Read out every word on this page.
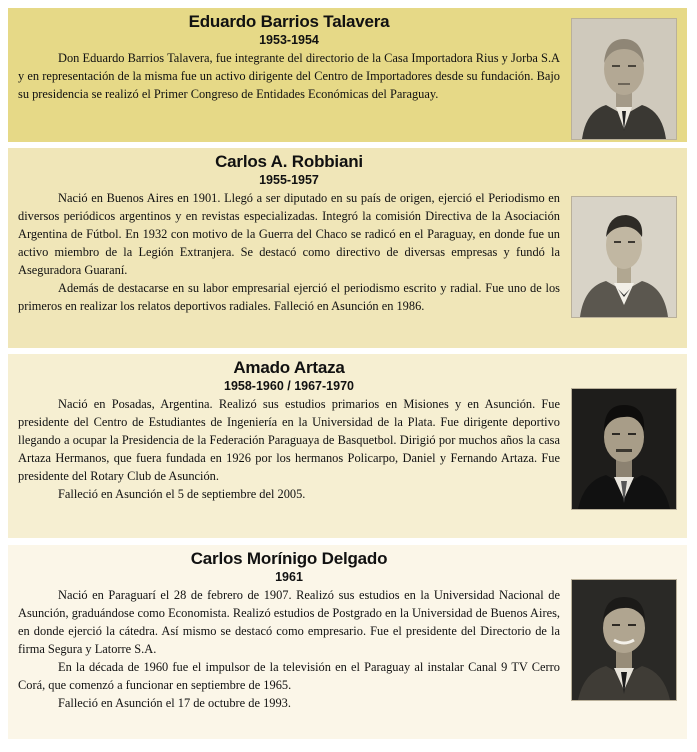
Eduardo Barrios Talavera
1953-1954

Don Eduardo Barrios Talavera, fue integrante del directorio de la Casa Importadora Rius y Jorba S.A y en representación de la misma fue un activo dirigente del Centro de Importadores desde su fundación. Bajo su presidencia se realizó el Primer Congreso de Entidades Económicas del Paraguay.

Carlos A. Robbiani
1955-1957

Nació en Buenos Aires en 1901. Llegó a ser diputado en su país de origen, ejerció el Periodismo en diversos periódicos argentinos y en revistas especializadas. Integró la comisión Directiva de la Asociación Argentina de Fútbol. En 1932 con motivo de la Guerra del Chaco se radicó en el Paraguay, en donde fue un activo miembro de la Legión Extranjera. Se destacó como directivo de diversas empresas y fundó la Aseguradora Guaraní.

Además de destacarse en su labor empresarial ejerció el periodismo escrito y radial. Fue uno de los primeros en realizar los relatos deportivos radiales. Falleció en Asunción en 1986.

Amado Artaza
1958-1960 / 1967-1970

Nació en Posadas, Argentina. Realizó sus estudios primarios en Misiones y en Asunción. Fue presidente del Centro de Estudiantes de Ingeniería en la Universidad de la Plata. Fue dirigente deportivo llegando a ocupar la Presidencia de la Federación Paraguaya de Basquetbol. Dirigió por muchos años la casa Artaza Hermanos, que fuera fundada en 1926 por los hermanos Policarpo, Daniel y Fernando Artaza. Fue presidente del Rotary Club de Asunción.

Falleció en Asunción el 5 de septiembre del 2005.

Carlos Morínigo Delgado
1961

Nació en Paraguarí el 28 de febrero de 1907. Realizó sus estudios en la Universidad Nacional de Asunción, graduándose como Economista. Realizó estudios de Postgrado en la Universidad de Buenos Aires, en donde ejerció la cátedra. Así mismo se destacó como empresario. Fue el presidente del Directorio de la firma Segura y Latorre S.A.

En la década de 1960 fue el impulsor de la televisión en el Paraguay al instalar Canal 9 TV Cerro Corá, que comenzó a funcionar en septiembre de 1965.

Falleció en Asunción el 17 de octubre de 1993.
